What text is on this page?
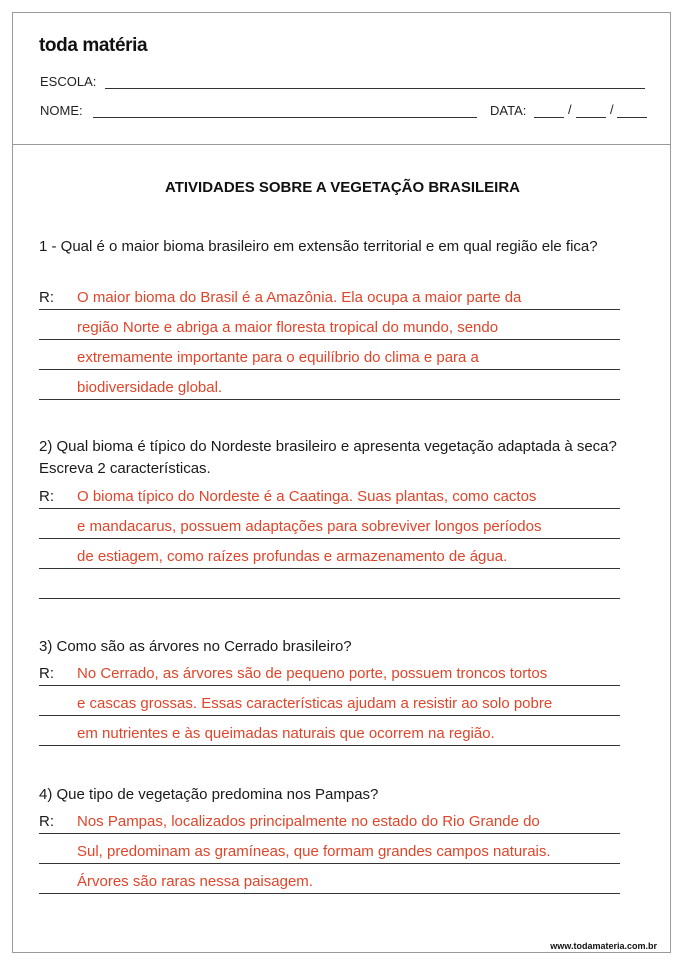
toda matéria
ESCOLA:
NOME:	DATA:	/	/
ATIVIDADES SOBRE A VEGETAÇÃO BRASILEIRA
1 - Qual é o maior bioma brasileiro em extensão territorial e em qual região ele fica?
R: O maior bioma do Brasil é a Amazônia. Ela ocupa a maior parte da
região Norte e abriga a maior floresta tropical do mundo, sendo
extremamente importante para o equilíbrio do clima e para a
biodiversidade global.
2) Qual bioma é típico do Nordeste brasileiro e apresenta vegetação adaptada à seca? Escreva 2 características.
R: O bioma típico do Nordeste é a Caatinga. Suas plantas, como cactos
e mandacarus, possuem adaptações para sobreviver longos períodos
de estiagem, como raízes profundas e armazenamento de água.
3) Como são as árvores no Cerrado brasileiro?
R: No Cerrado, as árvores são de pequeno porte, possuem troncos tortos
e cascas grossas. Essas características ajudam a resistir ao solo pobre
em nutrientes e às queimadas naturais que ocorrem na região.
4) Que tipo de vegetação predomina nos Pampas?
R: Nos Pampas, localizados principalmente no estado do Rio Grande do
Sul, predominam as gramíneas, que formam grandes campos naturais.
Árvores são raras nessa paisagem.
www.todamateria.com.br
